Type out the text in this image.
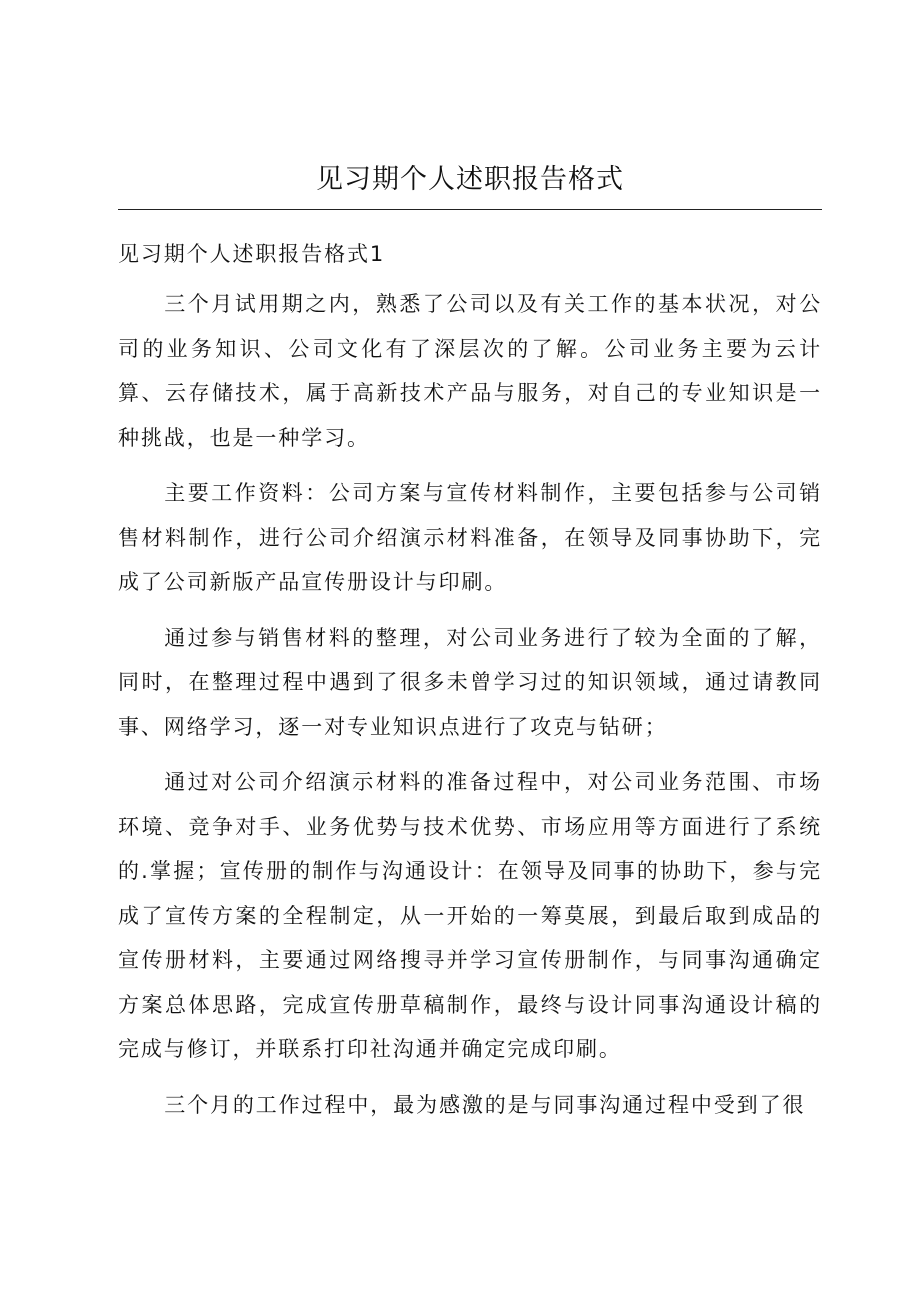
见习期个人述职报告格式

见习期个人述职报告格式1

三个月试用期之内，熟悉了公司以及有关工作的基本状况，对公司的业务知识、公司文化有了深层次的了解。公司业务主要为云计算、云存储技术，属于高新技术产品与服务，对自己的专业知识是一种挑战，也是一种学习。

主要工作资料：公司方案与宣传材料制作，主要包括参与公司销售材料制作，进行公司介绍演示材料准备，在领导及同事协助下，完成了公司新版产品宣传册设计与印刷。

通过参与销售材料的整理，对公司业务进行了较为全面的了解，同时，在整理过程中遇到了很多未曾学习过的知识领域，通过请教同事、网络学习，逐一对专业知识点进行了攻克与钻研；

通过对公司介绍演示材料的准备过程中，对公司业务范围、市场环境、竞争对手、业务优势与技术优势、市场应用等方面进行了系统的.掌握；宣传册的制作与沟通设计：在领导及同事的协助下，参与完成了宣传方案的全程制定，从一开始的一筹莫展，到最后取到成品的宣传册材料，主要通过网络搜寻并学习宣传册制作，与同事沟通确定方案总体思路，完成宣传册草稿制作，最终与设计同事沟通设计稿的完成与修订，并联系打印社沟通并确定完成印刷。

三个月的工作过程中，最为感激的是与同事沟通过程中受到了很
